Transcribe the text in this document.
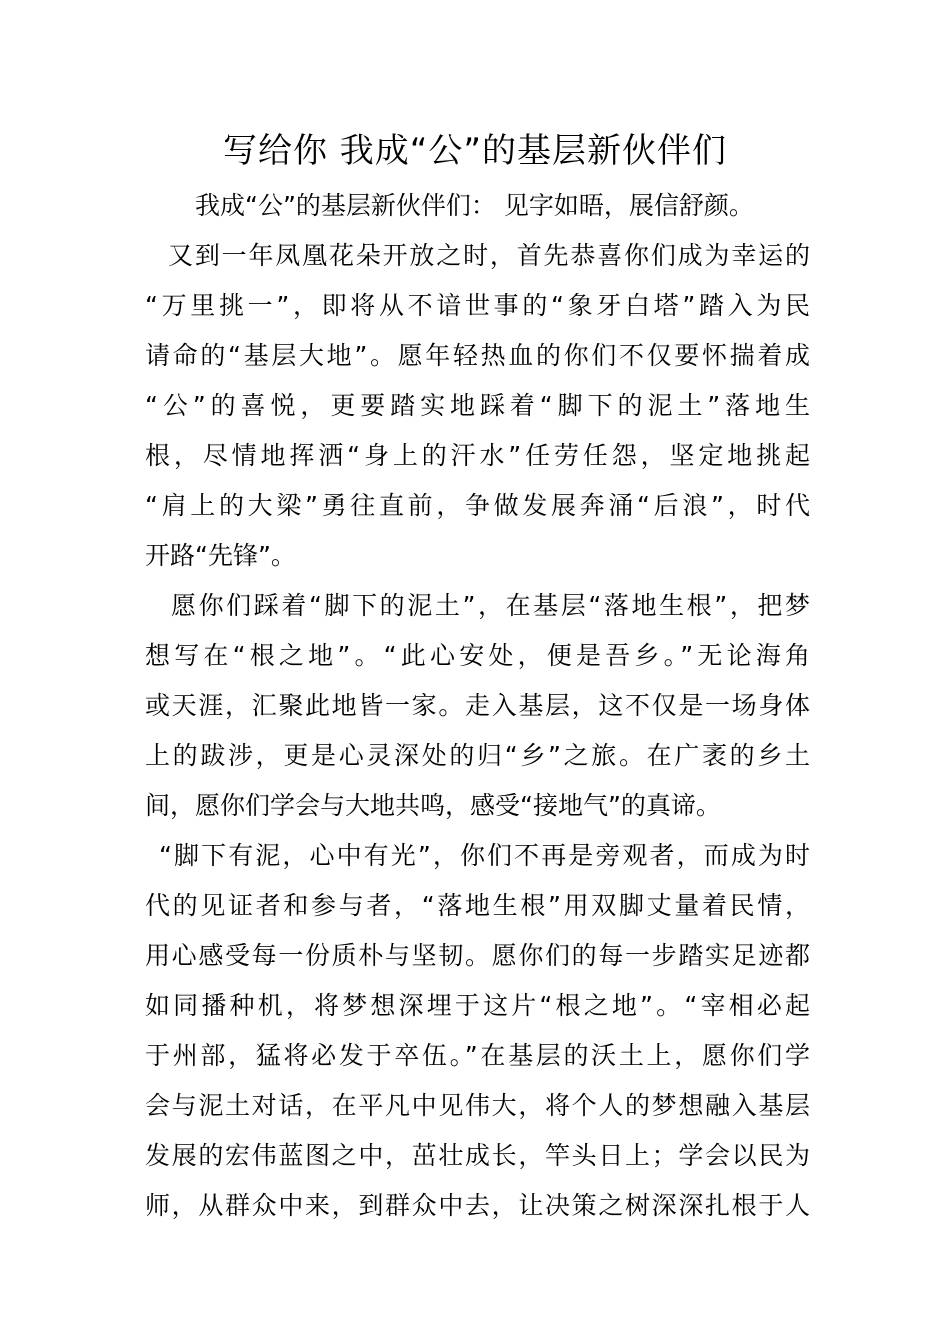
写给你 我成“公”的基层新伙伴们
我成“公”的基层新伙伴们： 见字如晤，展信舒颜。
又到一年凤凰花朵开放之时，首先恭喜你们成为幸运的
“万里挑一”，即将从不谙世事的“象牙白塔”踏入为民
请命的“基层大地”。愿年轻热血的你们不仅要怀揣着成
“公”的喜悦，更要踏实地踩着“脚下的泥土”落地生
根，尽情地挥洒“身上的汗水”任劳任怨，坚定地挑起
“肩上的大梁”勇往直前，争做发展奔涌“后浪”，时代
开路“先锋”。
愿你们踩着“脚下的泥土”，在基层“落地生根”，把梦
想写在“根之地”。“此心安处，便是吾乡。”无论海角
或天涯，汇聚此地皆一家。走入基层，这不仅是一场身体
上的跋涉，更是心灵深处的归“乡”之旅。在广袤的乡土
间，愿你们学会与大地共鸣，感受“接地气”的真谛。
“脚下有泥，心中有光”，你们不再是旁观者，而成为时
代的见证者和参与者，“落地生根”用双脚丈量着民情，
用心感受每一份质朴与坚韧。愿你们的每一步踏实足迹都
如同播种机，将梦想深埋于这片“根之地”。“宰相必起
于州部，猛将必发于卒伍。”在基层的沃土上，愿你们学
会与泥土对话，在平凡中见伟大，将个人的梦想融入基层
发展的宏伟蓝图之中，茁壮成长，竿头日上；学会以民为
师，从群众中来，到群众中去，让决策之树深深扎根于人
